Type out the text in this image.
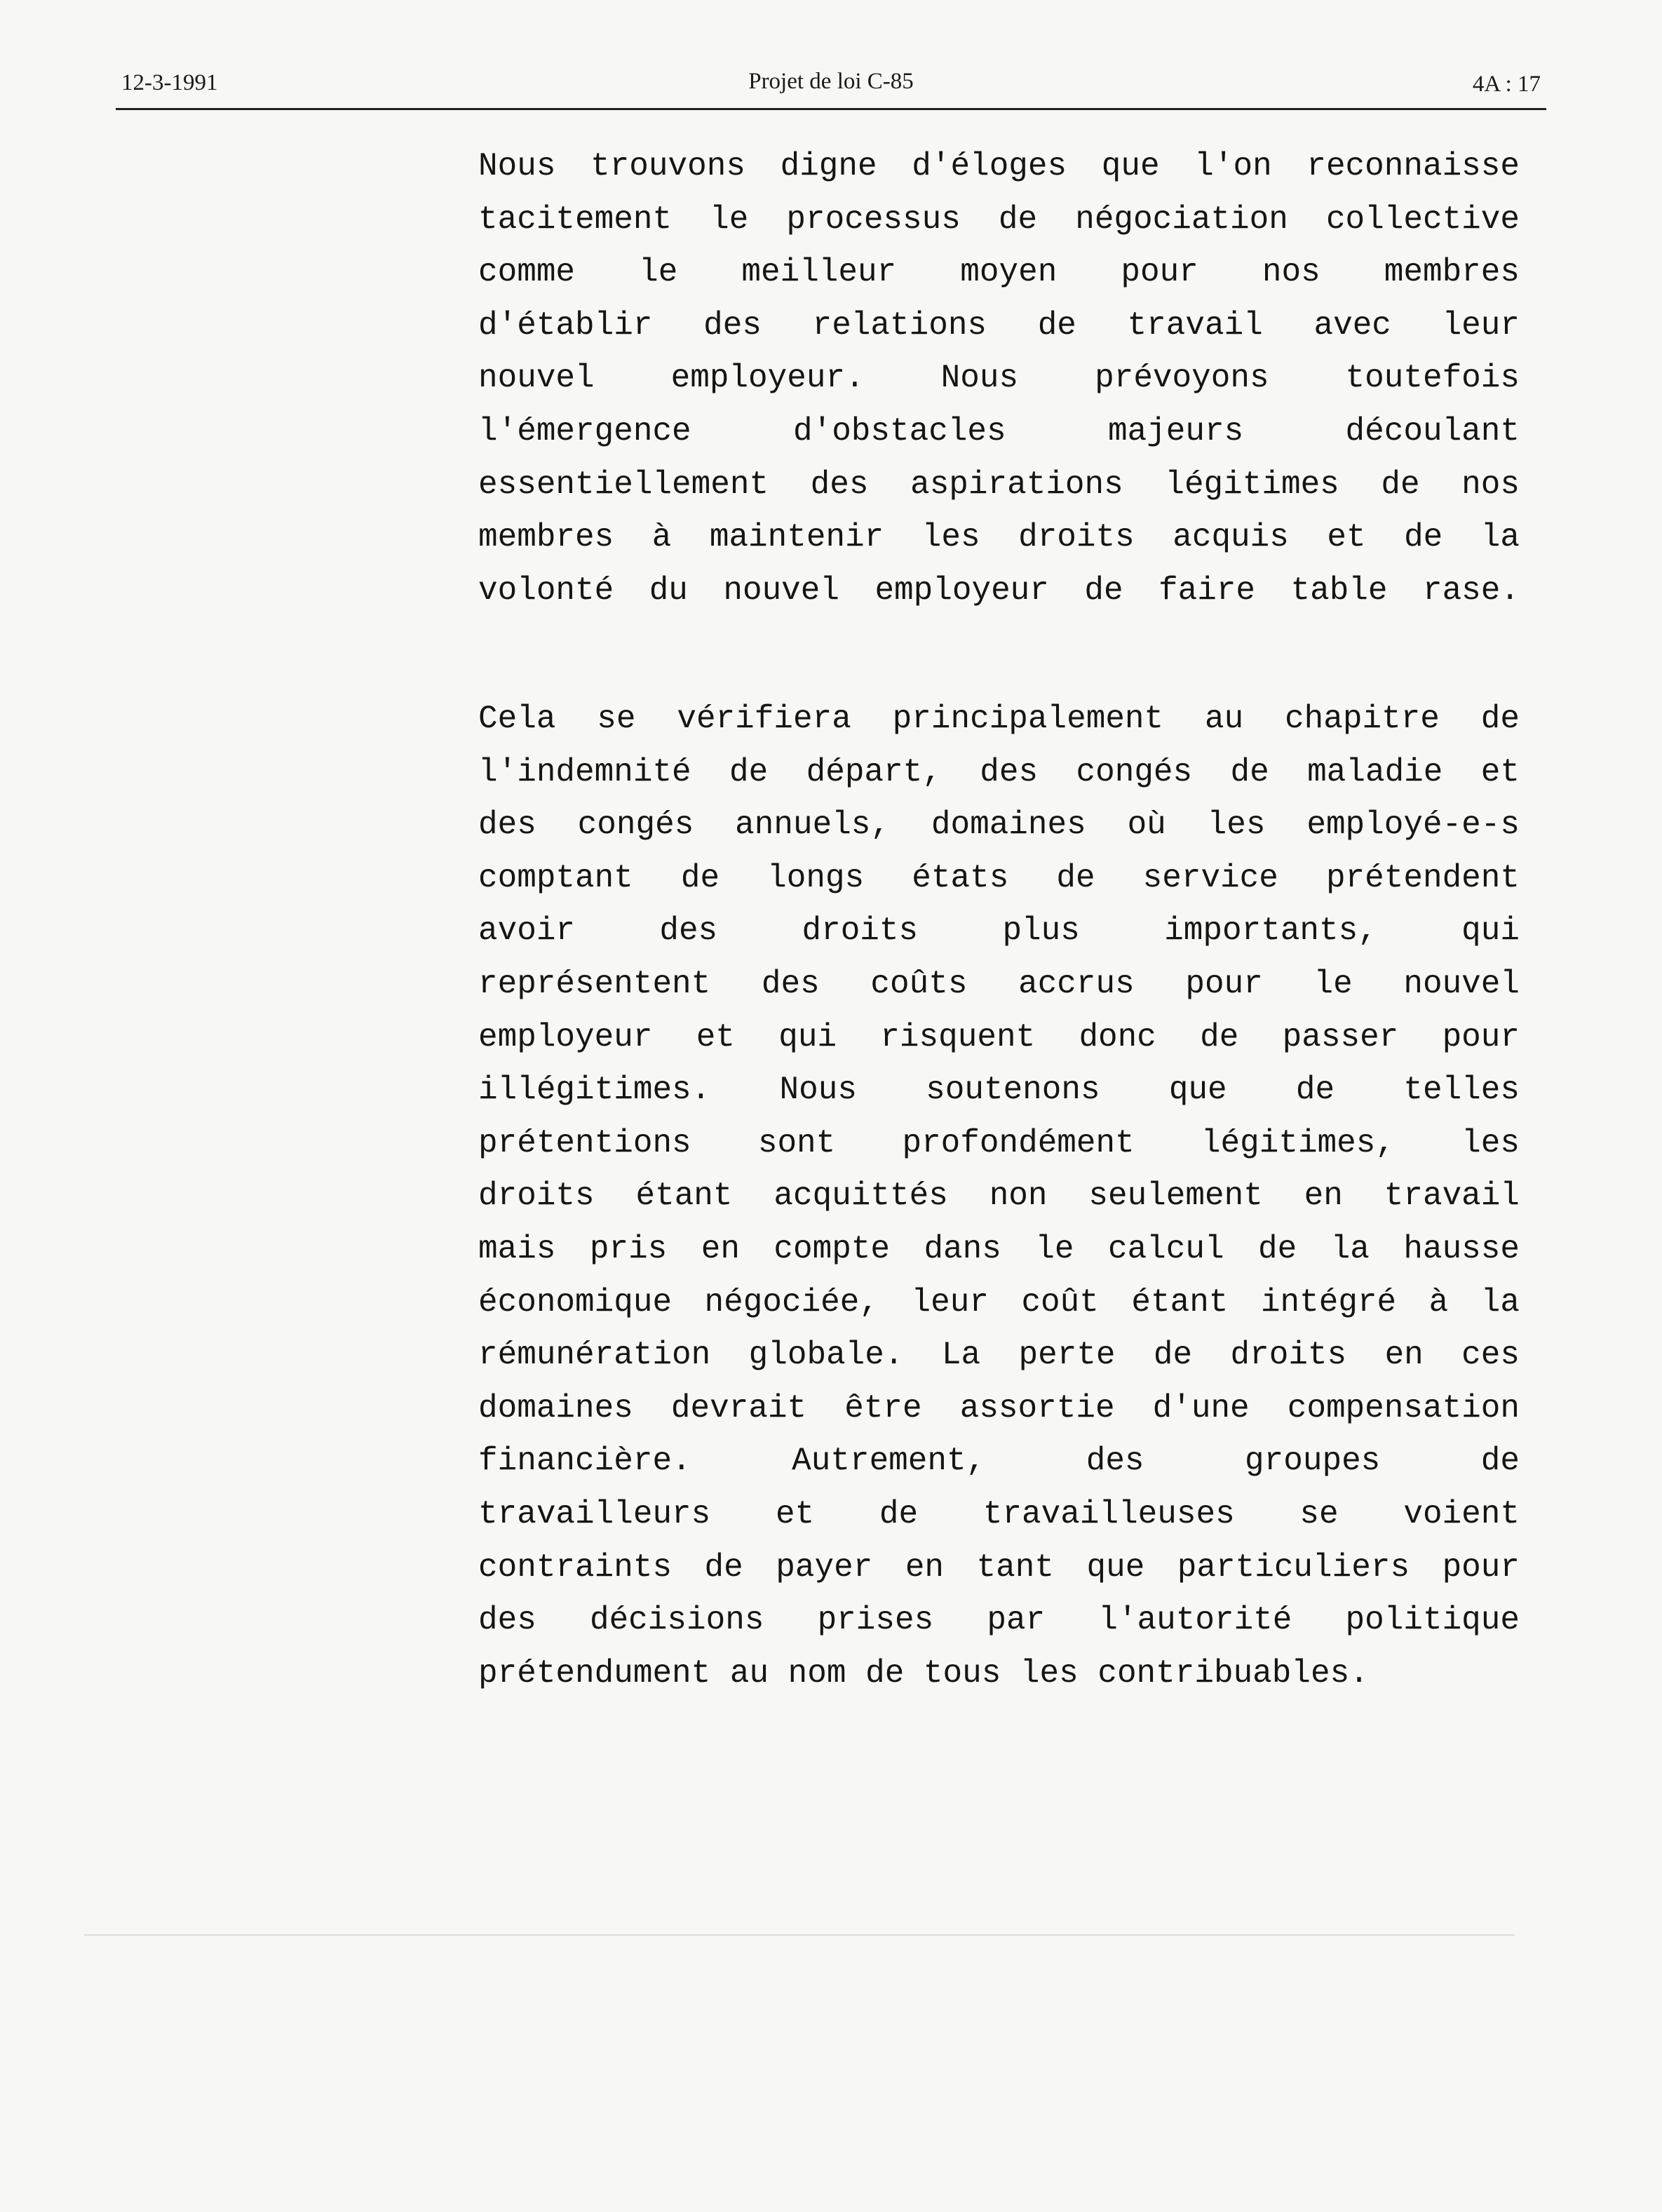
12-3-1991	Projet de loi C-85	4A : 17
Nous trouvons digne d'éloges que l'on reconnaisse
tacitement le processus de négociation collective
comme le meilleur moyen pour nos membres
d'établir des relations de travail avec leur
nouvel employeur. Nous prévoyons toutefois
l'émergence d'obstacles majeurs découlant
essentiellement des aspirations légitimes de nos
membres à maintenir les droits acquis et de la
volonté du nouvel employeur de faire table rase.
Cela se vérifiera principalement au chapitre de
l'indemnité de départ, des congés de maladie et
des congés annuels, domaines où les employé-e-s
comptant de longs états de service prétendent
avoir des droits plus importants, qui
représentent des coûts accrus pour le nouvel
employeur et qui risquent donc de passer pour
illégitimes. Nous soutenons que de telles
prétentions sont profondément légitimes, les
droits étant acquittés non seulement en travail
mais pris en compte dans le calcul de la hausse
économique négociée, leur coût étant intégré à la
rémunération globale. La perte de droits en ces
domaines devrait être assortie d'une compensation
financière. Autrement, des groupes de
travailleurs et de travailleuses se voient
contraints de payer en tant que particuliers pour
des décisions prises par l'autorité politique
prétendument au nom de tous les contribuables.
